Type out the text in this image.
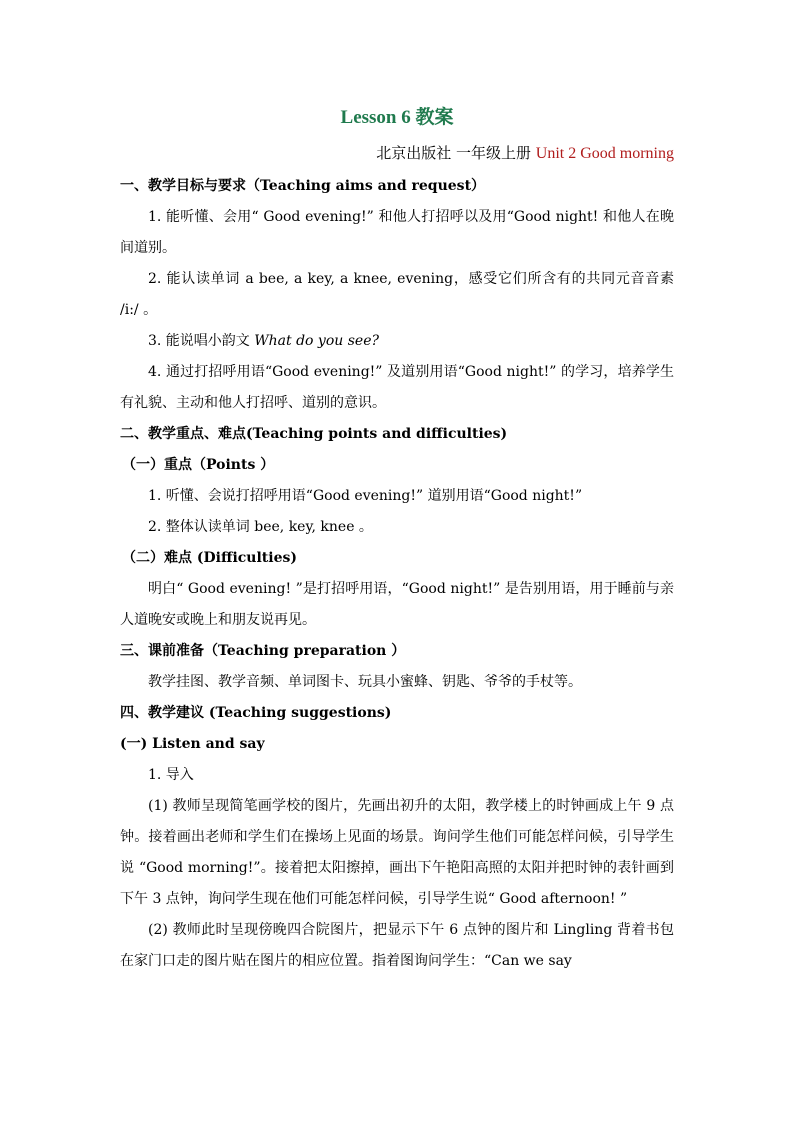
Lesson 6 教案
北京出版社 一年级上册 Unit 2 Good morning
一、教学目标与要求（Teaching aims and request）
1. 能听懂、会用“ Good evening!” 和他人打招呼以及用“Good night! 和他人在晚间道别。
2. 能认读单词 a bee, a key, a knee, evening，感受它们所含有的共同元音音素 /i:/ 。
3. 能说唱小韵文 What do you see?
4. 通过打招呼用语“Good evening!” 及道别用语“Good night!” 的学习，培养学生有礼貌、主动和他人打招呼、道别的意识。
二、教学重点、难点(Teaching points and difficulties)
（一）重点（Points ）
1. 听懂、会说打招呼用语“Good evening!” 道别用语“Good night!”
2. 整体认读单词 bee, key, knee 。
（二）难点 (Difficulties)
明白“ Good evening! ”是打招呼用语，“Good night!” 是告别用语，用于睡前与亲人道晚安或晚上和朋友说再见。
三、课前准备（Teaching preparation ）
教学挂图、教学音频、单词图卡、玩具小蜜蜂、钥匙、爷爷的手杖等。
四、教学建议 (Teaching suggestions)
(一) Listen and say
1. 导入
(1) 教师呈现简笔画学校的图片，先画出初升的太阳，教学楼上的时钟画成上午 9 点钟。接着画出老师和学生们在操场上见面的场景。询问学生他们可能怎样问候，引导学生说 “Good morning!”。接着把太阳擦掉，画出下午艳阳高照的太阳并把时钟的表针画到下午 3 点钟，询问学生现在他们可能怎样问候，引导学生说“ Good afternoon! ”
(2) 教师此时呈现傍晚四合院图片，把显示下午 6 点钟的图片和 Lingling 背着书包在家门口走的图片贴在图片的相应位置。指着图询问学生：“Can we say
